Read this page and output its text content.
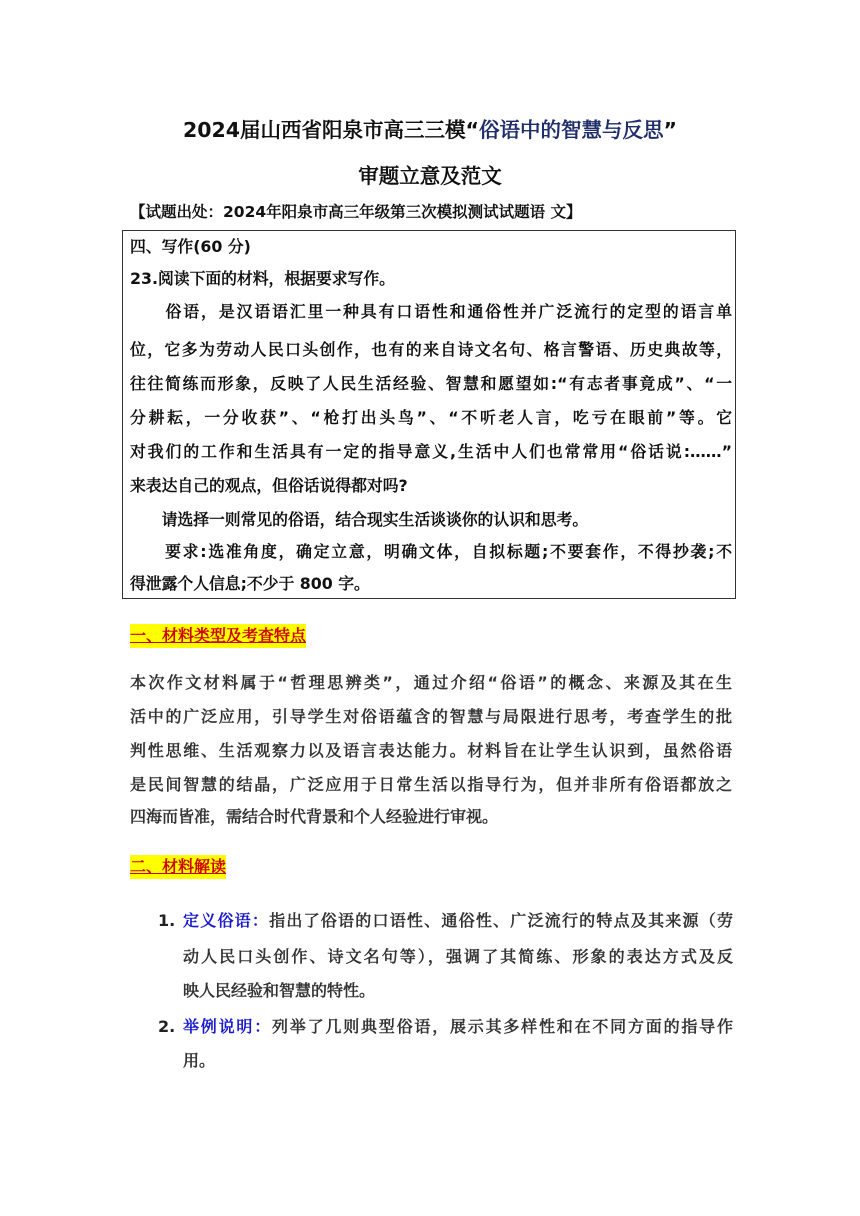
2024届山西省阳泉市高三三模“俗语中的智慧与反思”
审题立意及范文
【试题出处：2024年阳泉市高三年级第三次模拟测试试题语 文】
四、写作(60 分)
23.阅读下面的材料，根据要求写作。
　　俗语，是汉语语汇里一种具有口语性和通俗性并广泛流行的定型的语言单
位，它多为劳动人民口头创作，也有的来自诗文名句、格言警语、历史典故等，
往往简练而形象，反映了人民生活经验、智慧和愿望如:“有志者事竟成”、“一
分耕耘，一分收获”、“枪打出头鸟”、“不听老人言，吃亏在眼前”等。它
对我们的工作和生活具有一定的指导意义,生活中人们也常常用“俗话说:……”
来表达自己的观点，但俗话说得都对吗?
　　请选择一则常见的俗语，结合现实生活谈谈你的认识和思考。
　　要求:选准角度，确定立意，明确文体，自拟标题;不要套作，不得抄袭;不
得泄露个人信息;不少于 800 字。
一、材料类型及考查特点
本次作文材料属于“哲理思辨类”，通过介绍“俗语”的概念、来源及其在生
活中的广泛应用，引导学生对俗语蕴含的智慧与局限进行思考，考查学生的批
判性思维、生活观察力以及语言表达能力。材料旨在让学生认识到，虽然俗语
是民间智慧的结晶，广泛应用于日常生活以指导行为，但并非所有俗语都放之
四海而皆准，需结合时代背景和个人经验进行审视。
二、材料解读
1. 定义俗语：指出了俗语的口语性、通俗性、广泛流行的特点及其来源（劳
动人民口头创作、诗文名句等），强调了其简练、形象的表达方式及反
映人民经验和智慧的特性。
2. 举例说明：列举了几则典型俗语，展示其多样性和在不同方面的指导作
用。
